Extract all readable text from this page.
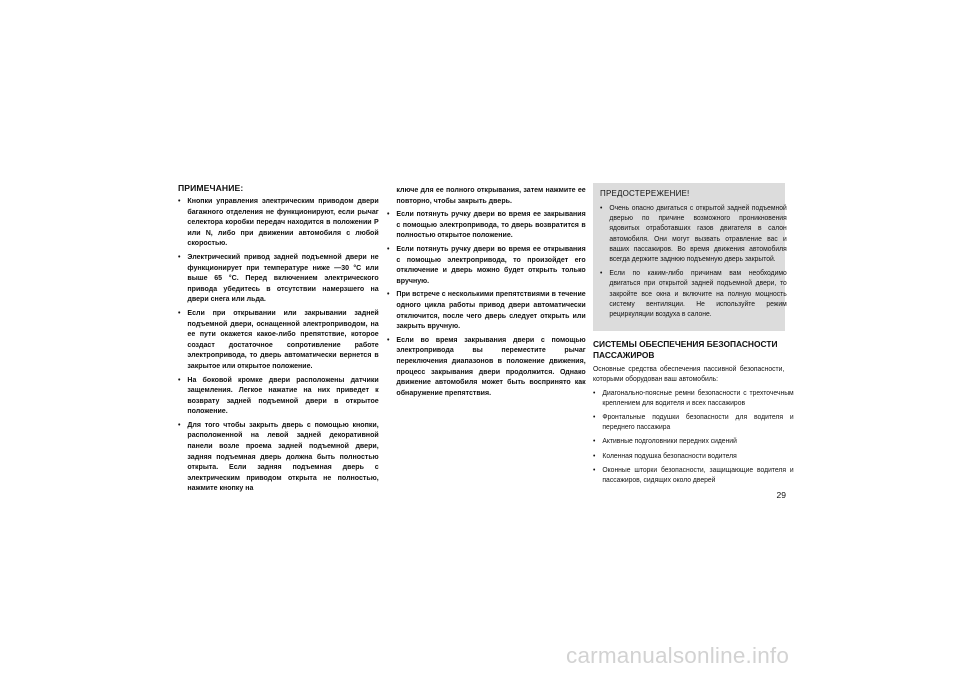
ПРИМЕЧАНИЕ:
• Кнопки управления электрическим приводом двери багажного отделения не функционируют, если рычаг селектора коробки передач находится в положении P или N, либо при движении автомобиля с любой скоростью.
• Электрический привод задней подъемной двери не функционирует при температуре ниже —30 °С или выше 65 °С. Перед включением электрического привода убедитесь в отсутствии намерзшего на двери снега или льда.
• Если при открывании или закрывании задней подъемной двери, оснащенной электроприводом, на ее пути окажется какое-либо препятствие, которое создаст достаточное сопротивление работе электропривода, то дверь автоматически вернется в закрытое или открытое положение.
• На боковой кромке двери расположены датчики защемления. Легкое нажатие на них приведет к возврату задней подъемной двери в открытое положение.
• Для того чтобы закрыть дверь с помощью кнопки, расположенной на левой задней декоративной панели возле проема задней подъемной двери, задняя подъемная дверь должна быть полностью открыта. Если задняя подъемная дверь с электрическим приводом открыта не полностью, нажмите кнопку на
ключе для ее полного открывания, затем нажмите ее повторно, чтобы закрыть дверь.
• Если потянуть ручку двери во время ее закрывания с помощью электропривода, то дверь возвратится в полностью открытое положение.
• Если потянуть ручку двери во время ее открывания с помощью электропривода, то произойдет его отключение и дверь можно будет открыть только вручную.
• При встрече с несколькими препятствиями в течение одного цикла работы привод двери автоматически отключится, после чего дверь следует открыть или закрыть вручную.
• Если во время закрывания двери с помощью электропривода вы переместите рычаг переключения диапазонов в положение движения, процесс закрывания двери продолжится. Однако движение автомобиля может быть воспринято как обнаружение препятствия.
ПРЕДОСТЕРЕЖЕНИЕ!
• Очень опасно двигаться с открытой задней подъемной дверью по причине возможного проникновения ядовитых отработавших газов двигателя в салон автомобиля. Они могут вызвать отравление вас и ваших пассажиров. Во время движения автомобиля всегда держите заднюю подъемную дверь закрытой.
• Если по каким-либо причинам вам необходимо двигаться при открытой задней подъемной двери, то закройте все окна и включите на полную мощность систему вентиляции. Не используйте режим рециркуляции воздуха в салоне.
СИСТЕМЫ ОБЕСПЕЧЕНИЯ БЕЗОПАСНОСТИ
ПАССАЖИРОВ
Основные средства обеспечения пассивной безопасности, которыми оборудован ваш автомобиль:
• Диагонально-поясные ремни безопасности с трехточечным креплением для водителя и всех пассажиров
• Фронтальные подушки безопасности для водителя и переднего пассажира
• Активные подголовники передних сидений
• Коленная подушка безопасности водителя
• Оконные шторки безопасности, защищающие водителя и пассажиров, сидящих около дверей
29
carmanualsonline.info
